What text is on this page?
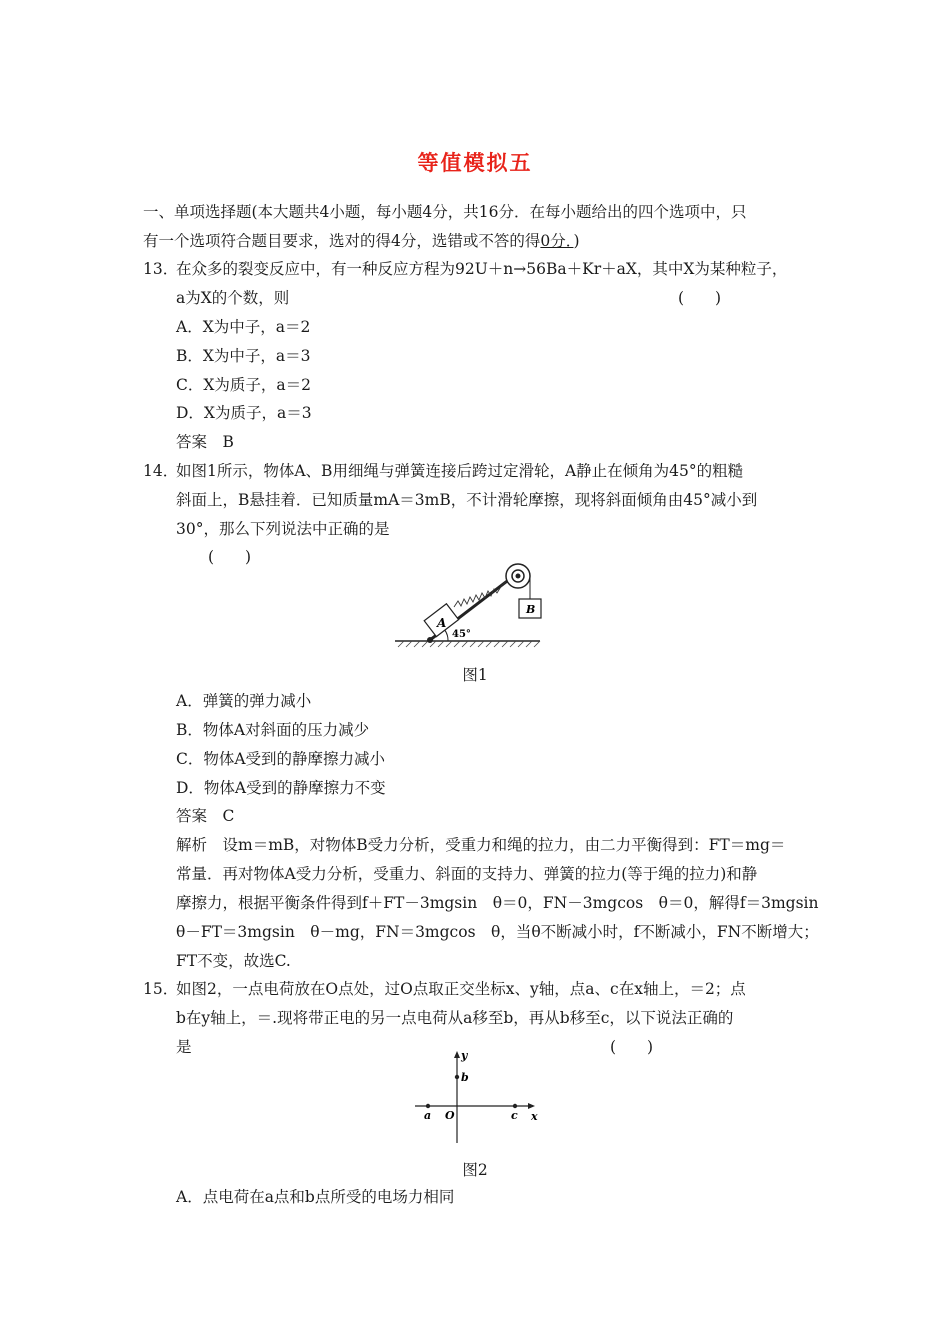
等值模拟五
一、单项选择题(本大题共4小题，每小题4分，共16分．在每小题给出的四个选项中，只
有一个选项符合题目要求，选对的得4分，选错或不答的得0分．)
13．
在众多的裂变反应中，有一种反应方程为92U＋n→56Ba＋Kr＋aX，其中X为某种粒子，
a为X的个数，则	(　　)
A．X为中子，a＝2
B．X为中子，a＝3
C．X为质子，a＝2
D．X为质子，a＝3
答案　B
14．
如图1所示，物体A、B用细绳与弹簧连接后跨过定滑轮，A静止在倾角为45°的粗糙
斜面上，B悬挂着．已知质量mA＝3mB，不计滑轮摩擦，现将斜面倾角由45°减小到
30°，那么下列说法中正确的是
(　　)
45°
A
B
图1
A．弹簧的弹力减小
B．物体A对斜面的压力减少
C．物体A受到的静摩擦力减小
D．物体A受到的静摩擦力不变
答案　C
解析　设m＝mB，对物体B受力分析，受重力和绳的拉力，由二力平衡得到：FT＝mg＝
常量．再对物体A受力分析，受重力、斜面的支持力、弹簧的拉力(等于绳的拉力)和静
摩擦力，根据平衡条件得到f＋FT－3mgsin　θ＝0，FN－3mgcos　θ＝0，解得f＝3mgsin
θ－FT＝3mgsin　θ－mg，FN＝3mgcos　θ，当θ不断减小时，f不断减小，FN不断增大；
FT不变，故选C.
15．
如图2，一点电荷放在O点处，过O点取正交坐标x、y轴，点a、c在x轴上，＝2；点
b在y轴上，＝.现将带正电的另一点电荷从a移至b，再从b移至c，以下说法正确的
是	(　　)
y
x
b
a O	c
图2
A．点电荷在a点和b点所受的电场力相同
